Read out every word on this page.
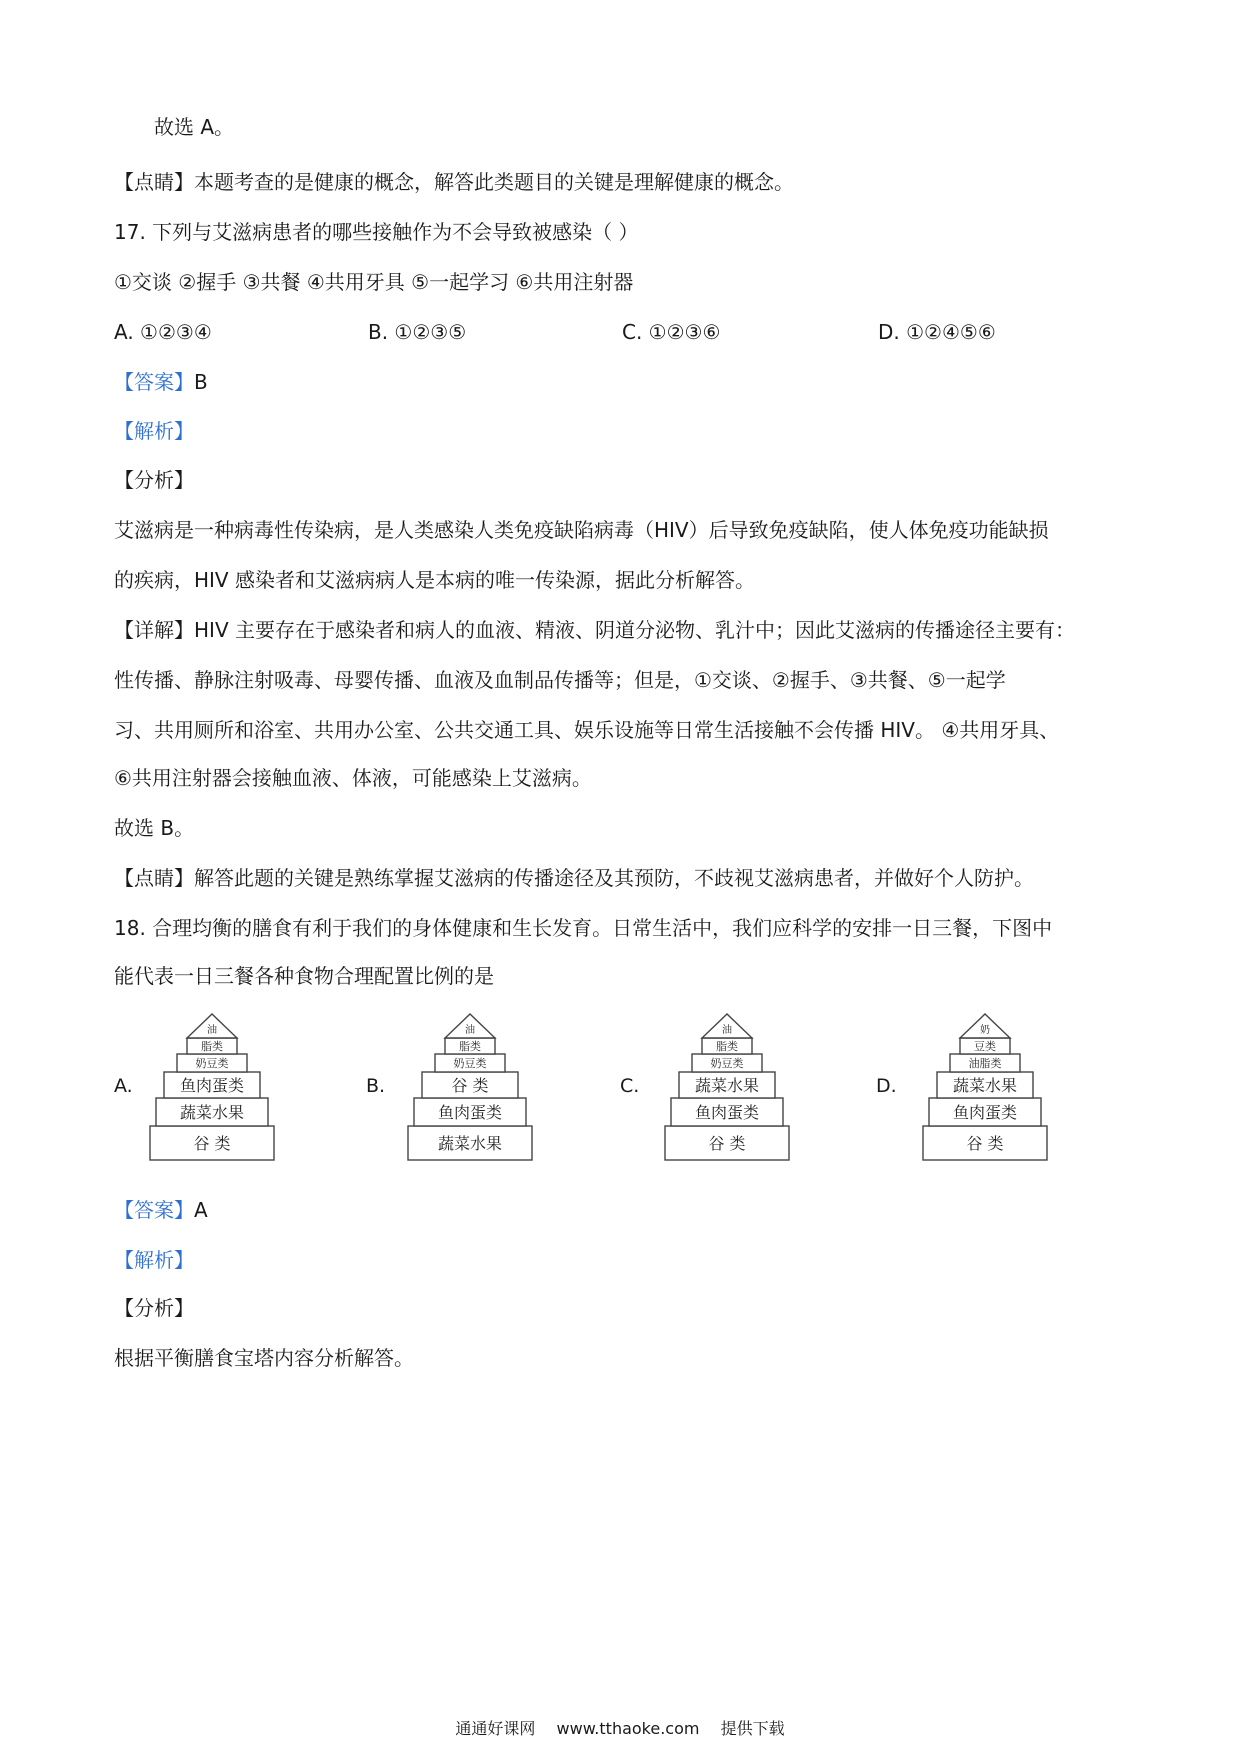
故选 A。
【点睛】本题考查的是健康的概念，解答此类题目的关键是理解健康的概念。
17. 下列与艾滋病患者的哪些接触作为不会导致被感染（ ）
①交谈 ②握手 ③共餐 ④共用牙具 ⑤一起学习 ⑥共用注射器
A. ①②③④	B. ①②③⑤	C. ①②③⑥	D. ①②④⑤⑥
【答案】B
【解析】
【分析】
艾滋病是一种病毒性传染病，是人类感染人类免疫缺陷病毒（HIV）后导致免疫缺陷，使人体免疫功能缺损
的疾病，HIV 感染者和艾滋病病人是本病的唯一传染源，据此分析解答。
【详解】HIV 主要存在于感染者和病人的血液、精液、阴道分泌物、乳汁中；因此艾滋病的传播途径主要有：
性传播、静脉注射吸毒、母婴传播、血液及血制品传播等；但是，①交谈、②握手、③共餐、⑤一起学
习、共用厕所和浴室、共用办公室、公共交通工具、娱乐设施等日常生活接触不会传播 HIV。 ④共用牙具、
⑥共用注射器会接触血液、体液，可能感染上艾滋病。
故选 B。
【点睛】解答此题的关键是熟练掌握艾滋病的传播途径及其预防，不歧视艾滋病患者，并做好个人防护。
18. 合理均衡的膳食有利于我们的身体健康和生长发育。日常生活中，我们应科学的安排一日三餐，下图中
能代表一日三餐各种食物合理配置比例的是
A.	B.	C.	D.
谷 类
蔬菜水果
鱼肉蛋类
奶豆类
脂类
油
蔬菜水果
鱼肉蛋类
谷 类
奶豆类
脂类
油
谷 类
鱼肉蛋类
蔬菜水果
奶豆类
脂类
油
谷 类
鱼肉蛋类
蔬菜水果
油脂类
豆类
奶
【答案】A
【解析】
【分析】
根据平衡膳食宝塔内容分析解答。
通通好课网 www.tthaoke.com 提供下载
